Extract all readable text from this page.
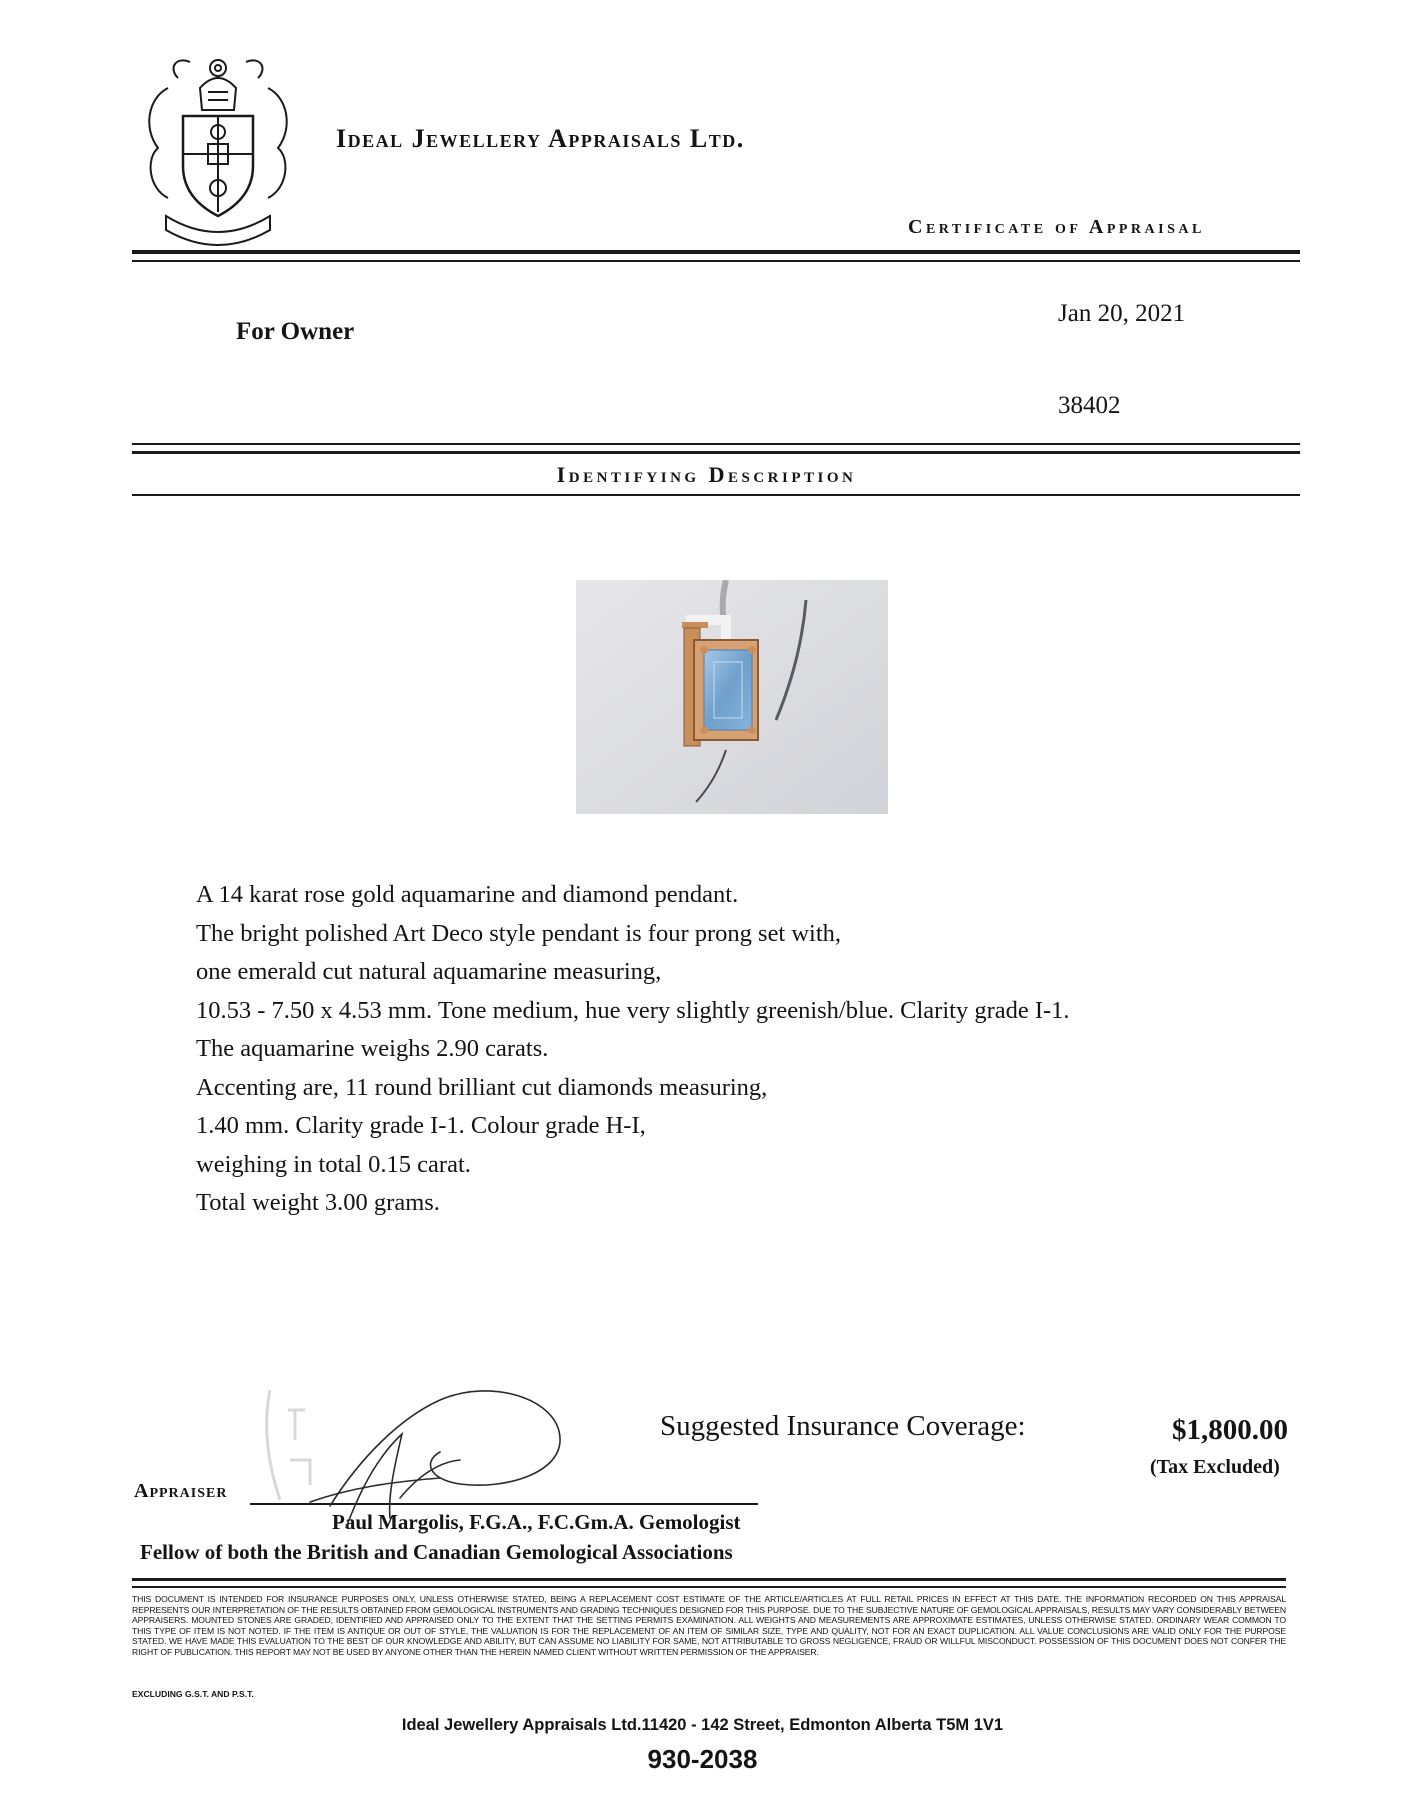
Ideal Jewellery Appraisals Ltd.
Certificate of Appraisal
For Owner
Jan 20, 2021
38402
Identifying Description
A 14 karat rose gold aquamarine and diamond pendant.
The bright polished Art Deco style pendant is four prong set with,
one emerald cut natural aquamarine measuring,
10.53 - 7.50 x 4.53 mm. Tone medium, hue very slightly greenish/blue. Clarity grade I-1.
The aquamarine weighs 2.90 carats.
Accenting are, 11 round brilliant cut diamonds measuring,
1.40 mm. Clarity grade I-1. Colour grade H-I,
weighing in total 0.15 carat.
Total weight 3.00 grams.
Suggested Insurance Coverage:	$1,800.00
(Tax Excluded)
Appraiser
Paul Margolis, F.G.A., F.C.Gm.A. Gemologist
Fellow of both the British and Canadian Gemological Associations
THIS DOCUMENT IS INTENDED FOR INSURANCE PURPOSES ONLY, UNLESS OTHERWISE STATED, BEING A REPLACEMENT COST ESTIMATE OF THE ARTICLE/ARTICLES AT FULL RETAIL PRICES IN EFFECT AT THIS DATE. THE INFORMATION RECORDED ON THIS APPRAISAL REPRESENTS OUR INTERPRETATION OF THE RESULTS OBTAINED FROM GEMOLOGICAL INSTRUMENTS AND GRADING TECHNIQUES DESIGNED FOR THIS PURPOSE. DUE TO THE SUBJECTIVE NATURE OF GEMOLOGICAL APPRAISALS, RESULTS MAY VARY CONSIDERABLY BETWEEN APPRAISERS. MOUNTED STONES ARE GRADED, IDENTIFIED AND APPRAISED ONLY TO THE EXTENT THAT THE SETTING PERMITS EXAMINATION. ALL WEIGHTS AND MEASUREMENTS ARE APPROXIMATE ESTIMATES, UNLESS OTHERWISE STATED. ORDINARY WEAR COMMON TO THIS TYPE OF ITEM IS NOT NOTED. IF THE ITEM IS ANTIQUE OR OUT OF STYLE, THE VALUATION IS FOR THE REPLACEMENT OF AN ITEM OF SIMILAR SIZE, TYPE AND QUALITY, NOT FOR AN EXACT DUPLICATION. ALL VALUE CONCLUSIONS ARE VALID ONLY FOR THE PURPOSE STATED. WE HAVE MADE THIS EVALUATION TO THE BEST OF OUR KNOWLEDGE AND ABILITY, BUT CAN ASSUME NO LIABILITY FOR SAME, NOT ATTRIBUTABLE TO GROSS NEGLIGENCE, FRAUD OR WILLFUL MISCONDUCT. POSSESSION OF THIS DOCUMENT DOES NOT CONFER THE RIGHT OF PUBLICATION. THIS REPORT MAY NOT BE USED BY ANYONE OTHER THAN THE HEREIN NAMED CLIENT WITHOUT WRITTEN PERMISSION OF THE APPRAISER.
EXCLUDING G.S.T. AND P.S.T.
Ideal Jewellery Appraisals Ltd.11420 - 142 Street, Edmonton Alberta T5M 1V1
930-2038
